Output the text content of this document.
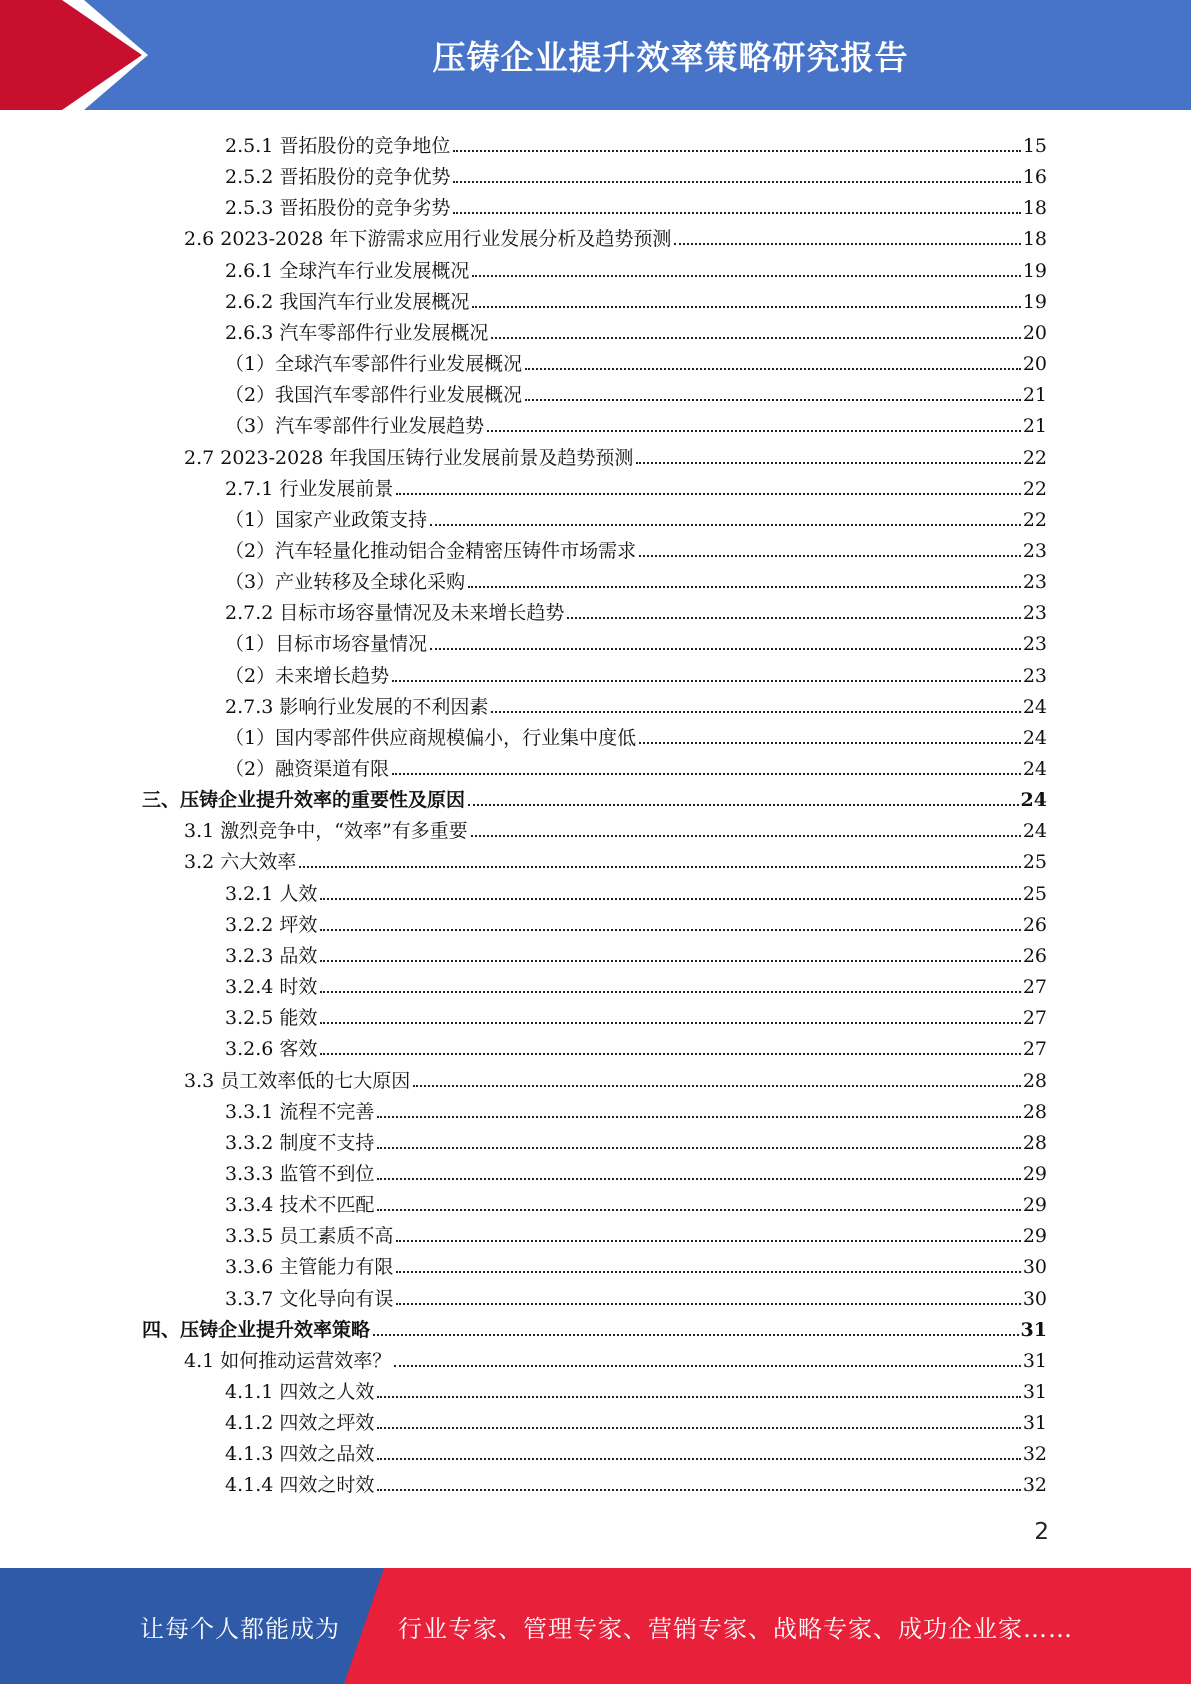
压铸企业提升效率策略研究报告
2.5.1 晋拓股份的竞争地位	15
2.5.2 晋拓股份的竞争优势	16
2.5.3 晋拓股份的竞争劣势	18
2.6 2023-2028 年下游需求应用行业发展分析及趋势预测	18
2.6.1 全球汽车行业发展概况	19
2.6.2 我国汽车行业发展概况	19
2.6.3 汽车零部件行业发展概况	20
（1）全球汽车零部件行业发展概况	20
（2）我国汽车零部件行业发展概况	21
（3）汽车零部件行业发展趋势	21
2.7 2023-2028 年我国压铸行业发展前景及趋势预测	22
2.7.1 行业发展前景	22
（1）国家产业政策支持	22
（2）汽车轻量化推动铝合金精密压铸件市场需求	23
（3）产业转移及全球化采购	23
2.7.2 目标市场容量情况及未来增长趋势	23
（1）目标市场容量情况	23
（2）未来增长趋势	23
2.7.3 影响行业发展的不利因素	24
（1）国内零部件供应商规模偏小，行业集中度低	24
（2）融资渠道有限	24
三、压铸企业提升效率的重要性及原因	24
3.1 激烈竞争中，“效率”有多重要	24
3.2 六大效率	25
3.2.1 人效	25
3.2.2 坪效	26
3.2.3 品效	26
3.2.4 时效	27
3.2.5 能效	27
3.2.6 客效	27
3.3 员工效率低的七大原因	28
3.3.1 流程不完善	28
3.3.2 制度不支持	28
3.3.3 监管不到位	29
3.3.4 技术不匹配	29
3.3.5 员工素质不高	29
3.3.6 主管能力有限	30
3.3.7 文化导向有误	30
四、压铸企业提升效率策略	31
4.1 如何推动运营效率？	31
4.1.1 四效之人效	31
4.1.2 四效之坪效	31
4.1.3 四效之品效	32
4.1.4 四效之时效	32
2
让每个人都能成为 行业专家、管理专家、营销专家、战略专家、成功企业家……
